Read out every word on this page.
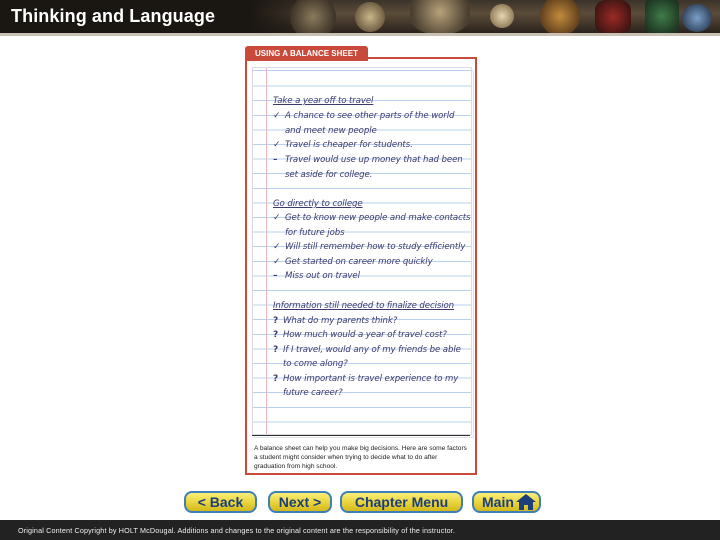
Thinking and Language
USING A BALANCE SHEET
Take a year off to travel
✓ A chance to see other parts of the world
and meet new people
✓ Travel is cheaper for students.
– Travel would use up money that had been
set aside for college.
Go directly to college
✓ Get to know new people and make contacts
for future jobs
✓ Will still remember how to study efficiently
✓ Get started on career more quickly
– Miss out on travel
Information still needed to finalize decision
? What do my parents think?
? How much would a year of travel cost?
? If I travel, would any of my friends be able
to come along?
? How important is travel experience to my
future career?
A balance sheet can help you make big decisions. Here are some factors a student might consider when trying to decide what to do after graduation from high school.
< Back	Next >	Chapter Menu	Main
Original Content Copyright by HOLT McDougal. Additions and changes to the original content are the responsibility of the instructor.
